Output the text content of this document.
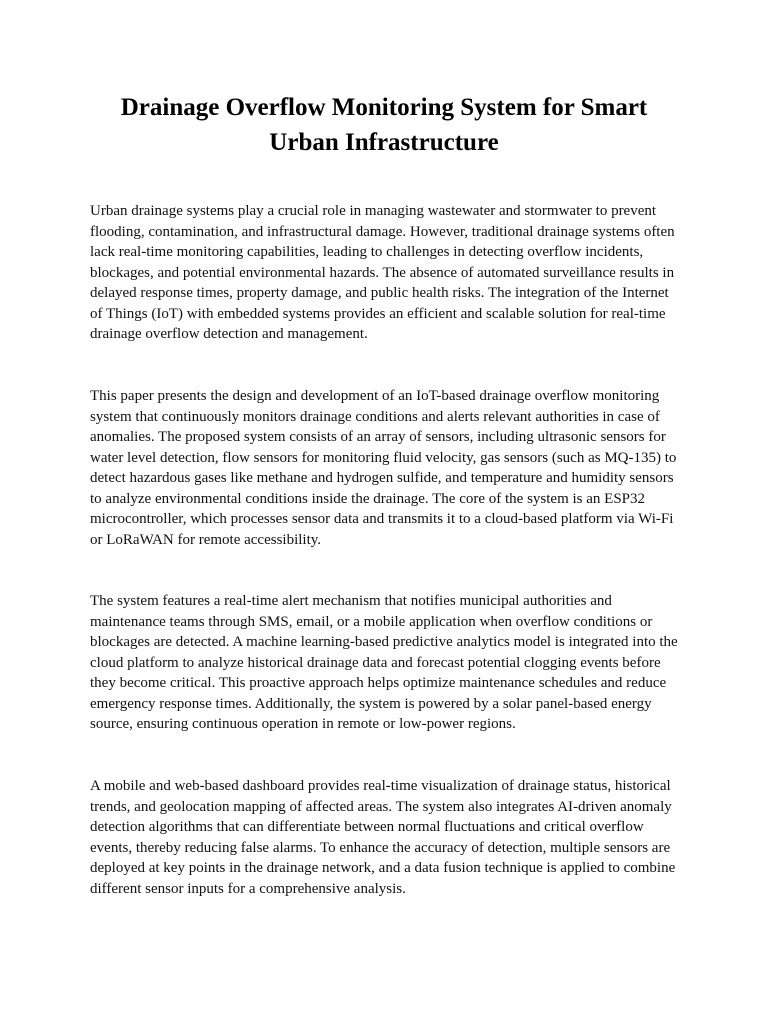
Drainage Overflow Monitoring System for Smart Urban Infrastructure

Urban drainage systems play a crucial role in managing wastewater and stormwater to prevent flooding, contamination, and infrastructural damage. However, traditional drainage systems often lack real-time monitoring capabilities, leading to challenges in detecting overflow incidents, blockages, and potential environmental hazards. The absence of automated surveillance results in delayed response times, property damage, and public health risks. The integration of the Internet of Things (IoT) with embedded systems provides an efficient and scalable solution for real-time drainage overflow detection and management.

This paper presents the design and development of an IoT-based drainage overflow monitoring system that continuously monitors drainage conditions and alerts relevant authorities in case of anomalies. The proposed system consists of an array of sensors, including ultrasonic sensors for water level detection, flow sensors for monitoring fluid velocity, gas sensors (such as MQ-135) to detect hazardous gases like methane and hydrogen sulfide, and temperature and humidity sensors to analyze environmental conditions inside the drainage. The core of the system is an ESP32 microcontroller, which processes sensor data and transmits it to a cloud-based platform via Wi-Fi or LoRaWAN for remote accessibility.

The system features a real-time alert mechanism that notifies municipal authorities and maintenance teams through SMS, email, or a mobile application when overflow conditions or blockages are detected. A machine learning-based predictive analytics model is integrated into the cloud platform to analyze historical drainage data and forecast potential clogging events before they become critical. This proactive approach helps optimize maintenance schedules and reduce emergency response times. Additionally, the system is powered by a solar panel-based energy source, ensuring continuous operation in remote or low-power regions.

A mobile and web-based dashboard provides real-time visualization of drainage status, historical trends, and geolocation mapping of affected areas. The system also integrates AI-driven anomaly detection algorithms that can differentiate between normal fluctuations and critical overflow events, thereby reducing false alarms. To enhance the accuracy of detection, multiple sensors are deployed at key points in the drainage network, and a data fusion technique is applied to combine different sensor inputs for a comprehensive analysis.
